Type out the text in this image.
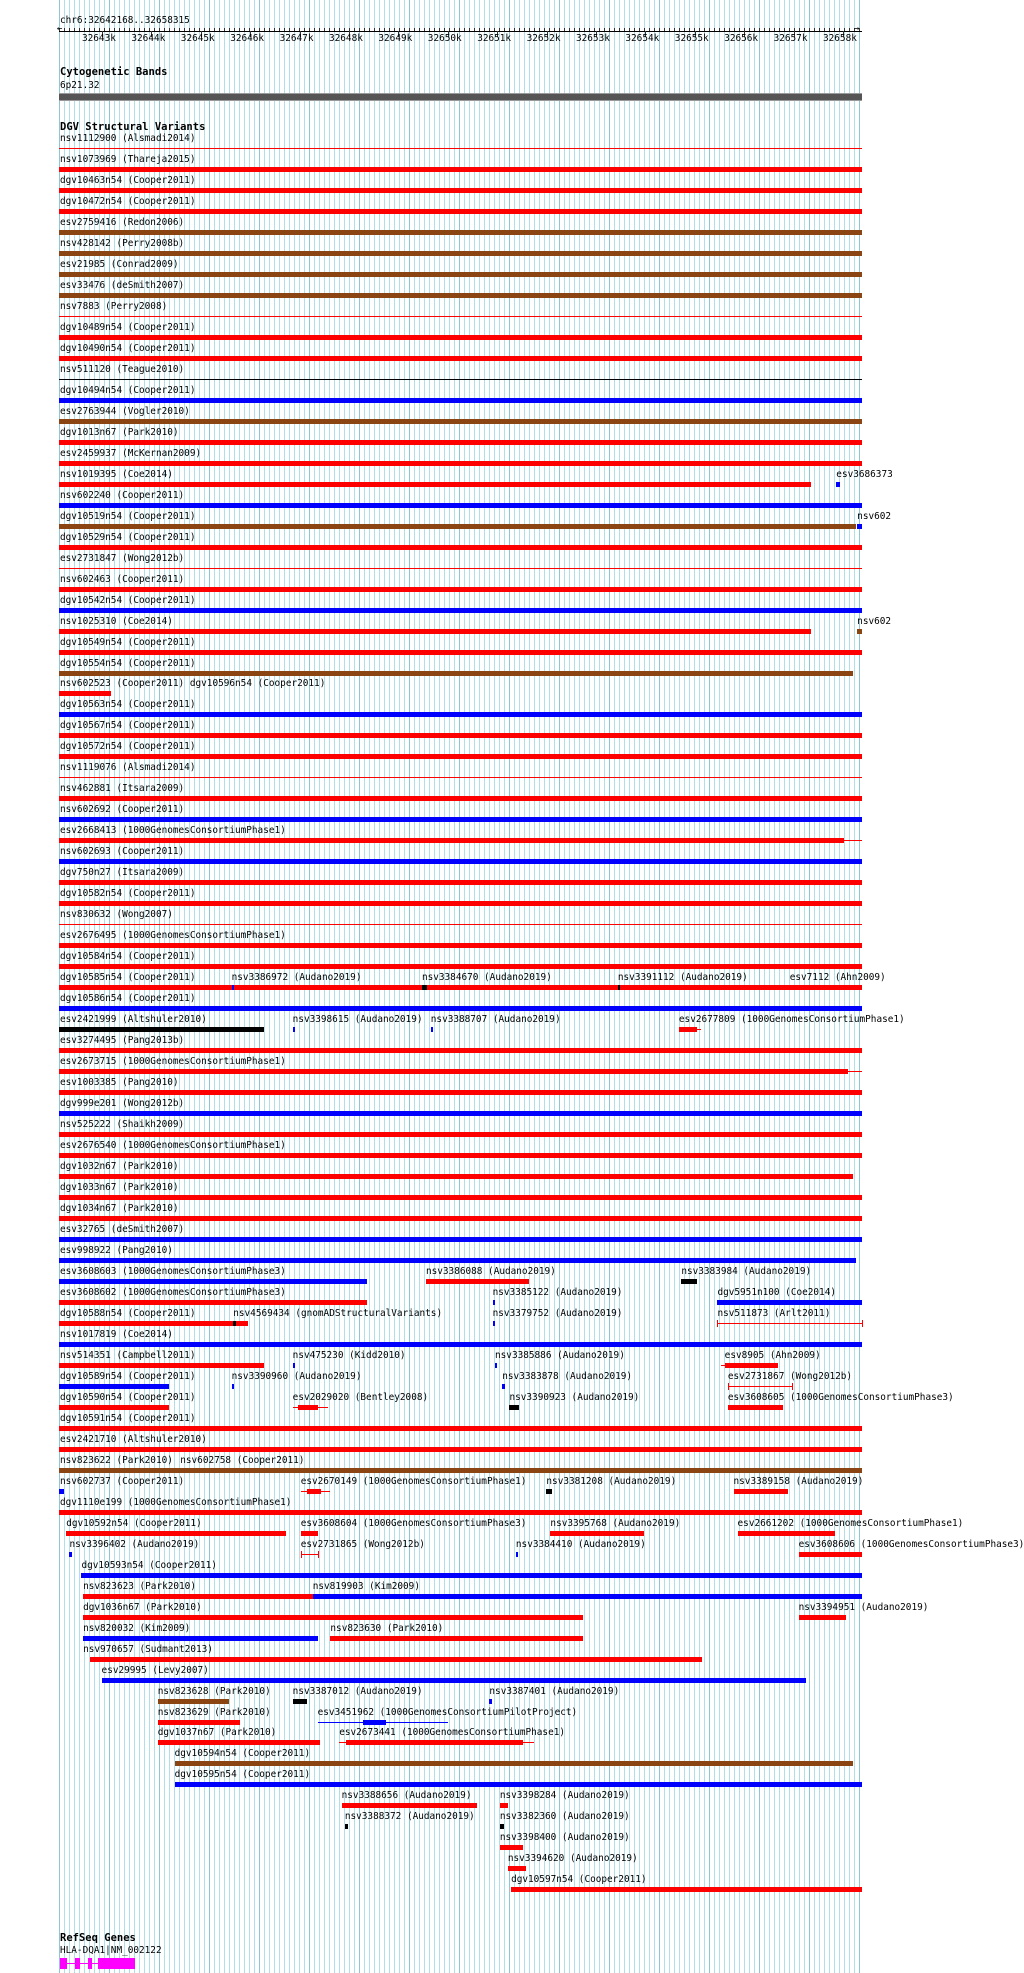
chr6:32642168..32658315
←	→
32643k 32644k 32645k 32646k 32647k 32648k 32649k 32650k 32651k 32652k 32653k 32654k 32655k 32656k 32657k 32658k
Cytogenetic Bands
6p21.32
DGV Structural Variants
nsv1112900 (Alsmadi2014)
nsv1073969 (Thareja2015)
dgv10463n54 (Cooper2011)
dgv10472n54 (Cooper2011)
esv2759416 (Redon2006)
nsv428142 (Perry2008b)
esv21985 (Conrad2009)
esv33476 (deSmith2007)
nsv7883 (Perry2008)
dgv10489n54 (Cooper2011)
dgv10490n54 (Cooper2011)
nsv511120 (Teague2010)
dgv10494n54 (Cooper2011)
esv2763944 (Vogler2010)
dgv1013n67 (Park2010)
esv2459937 (McKernan2009)
nsv1019395 (Coe2014)	esv3686373
nsv602240 (Cooper2011)
dgv10519n54 (Cooper2011)	nsv602
dgv10529n54 (Cooper2011)
esv2731847 (Wong2012b)
nsv602463 (Cooper2011)
dgv10542n54 (Cooper2011)
nsv1025310 (Coe2014)	nsv602
dgv10549n54 (Cooper2011)
dgv10554n54 (Cooper2011)
nsv602523 (Cooper2011) dgv10596n54 (Cooper2011)
dgv10563n54 (Cooper2011)
dgv10567n54 (Cooper2011)
dgv10572n54 (Cooper2011)
nsv1119076 (Alsmadi2014)
nsv462881 (Itsara2009)
nsv602692 (Cooper2011)
esv2668413 (1000GenomesConsortiumPhase1)
nsv602693 (Cooper2011)
dgv750n27 (Itsara2009)
dgv10582n54 (Cooper2011)
nsv830632 (Wong2007)
esv2676495 (1000GenomesConsortiumPhase1)
dgv10584n54 (Cooper2011)
dgv10585n54 (Cooper2011)	nsv3386972 (Audano2019)	nsv3384670 (Audano2019)	nsv3391112 (Audano2019)	esv7112 (Ahn2009)
dgv10586n54 (Cooper2011)
esv2421999 (Altshuler2010)	nsv3398615 (Audano2019) nsv3388707 (Audano2019)	esv2677809 (1000GenomesConsortiumPhase1)
esv3274495 (Pang2013b)
esv2673715 (1000GenomesConsortiumPhase1)
esv1003385 (Pang2010)
dgv999e201 (Wong2012b)
nsv525222 (Shaikh2009)
esv2676540 (1000GenomesConsortiumPhase1)
dgv1032n67 (Park2010)
dgv1033n67 (Park2010)
dgv1034n67 (Park2010)
esv32765 (deSmith2007)
esv998922 (Pang2010)
esv3608603 (1000GenomesConsortiumPhase3)	nsv3386088 (Audano2019)	nsv3383984 (Audano2019)
esv3608602 (1000GenomesConsortiumPhase3)	nsv3385122 (Audano2019)	dgv5951n100 (Coe2014)
dgv10588n54 (Cooper2011)	nsv4569434 (gnomADStructuralVariants)	nsv3379752 (Audano2019)	nsv511873 (Arlt2011)
nsv1017819 (Coe2014)
nsv514351 (Campbell2011)	nsv475230 (Kidd2010)	nsv3385886 (Audano2019)	esv8905 (Ahn2009)
dgv10589n54 (Cooper2011)	nsv3390960 (Audano2019)	nsv3383878 (Audano2019)	esv2731867 (Wong2012b)
dgv10590n54 (Cooper2011)	esv2029020 (Bentley2008)	nsv3390923 (Audano2019)	esv3608605 (1000GenomesConsortiumPhase3)
dgv10591n54 (Cooper2011)
esv2421710 (Altshuler2010)
nsv823622 (Park2010) nsv602758 (Cooper2011)
nsv602737 (Cooper2011)	esv2670149 (1000GenomesConsortiumPhase1) nsv3381208 (Audano2019)	nsv3389158 (Audano2019)
dgv1110e199 (1000GenomesConsortiumPhase1)
dgv10592n54 (Cooper2011)	esv3608604 (1000GenomesConsortiumPhase3)	nsv3395768 (Audano2019)	esv2661202 (1000GenomesConsortiumPhase1)
nsv3396402 (Audano2019)	esv2731865 (Wong2012b)	nsv3384410 (Audano2019)	esv3608606 (1000GenomesConsortiumPhase3)
dgv10593n54 (Cooper2011)
nsv823623 (Park2010)	nsv819903 (Kim2009)
dgv1036n67 (Park2010)	nsv3394951 (Audano2019)
nsv820032 (Kim2009)	nsv823630 (Park2010)
nsv970657 (Sudmant2013)
esv29995 (Levy2007)
nsv823628 (Park2010) nsv3387012 (Audano2019)	nsv3387401 (Audano2019)
nsv823629 (Park2010)	esv3451962 (1000GenomesConsortiumPilotProject)
dgv1037n67 (Park2010)	esv2673441 (1000GenomesConsortiumPhase1)
dgv10594n54 (Cooper2011)
dgv10595n54 (Cooper2011)
nsv3388656 (Audano2019)	nsv3398284 (Audano2019)
nsv3388372 (Audano2019)	nsv3382360 (Audano2019)
nsv3398400 (Audano2019)
nsv3394620 (Audano2019)
dgv10597n54 (Cooper2011)
RefSeq Genes
HLA-DQA1|NM_002122
